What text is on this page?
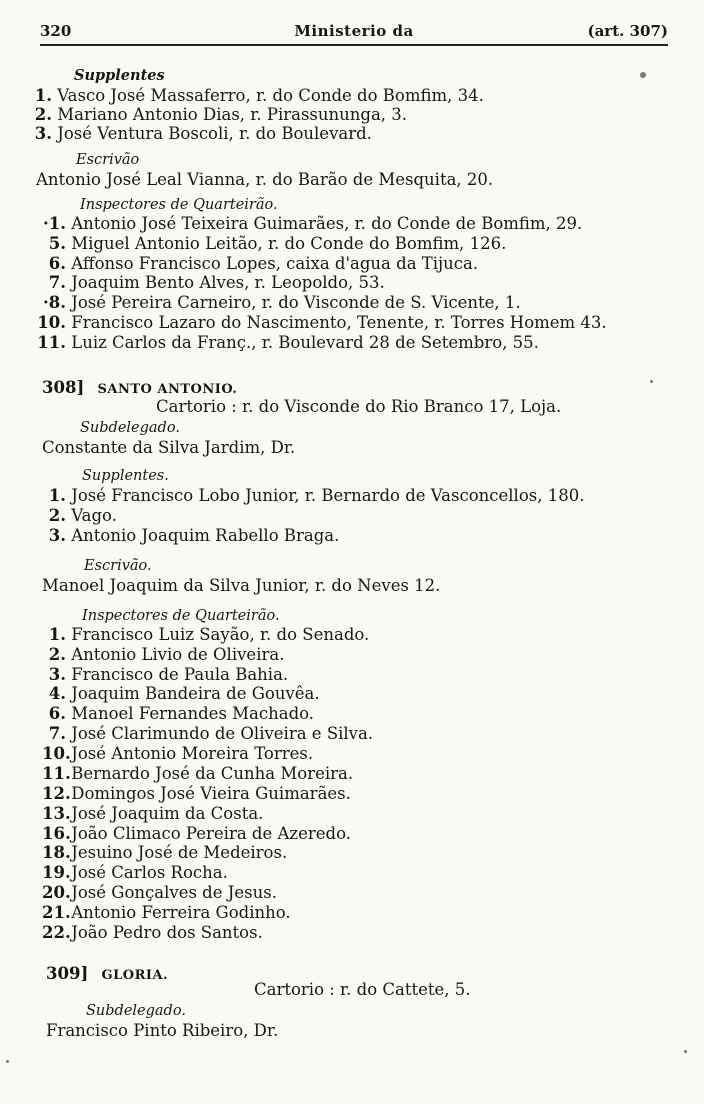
320	Ministerio da	(art. 307)
Supplentes
1. Vasco José Massaferro, r. do Conde do Bomfim, 34.
2. Mariano Antonio Dias, r. Pirassununga, 3.
3. José Ventura Boscoli, r. do Boulevard.
Escrivão
Antonio José Leal Vianna, r. do Barão de Mesquita, 20.
Inspectores de Quarteirão.
·1. Antonio José Teixeira Guimarães, r. do Conde de Bomfim, 29.
5. Miguel Antonio Leitão, r. do Conde do Bomfim, 126.
6. Affonso Francisco Lopes, caixa d'agua da Tijuca.
7. Joaquim Bento Alves, r. Leopoldo, 53.
·8. José Pereira Carneiro, r. do Visconde de S. Vicente, 1.
10. Francisco Lazaro do Nascimento, Tenente, r. Torres Homem 43.
11. Luiz Carlos da Franç., r. Boulevard 28 de Setembro, 55.
308] SANTO ANTONIO.
Cartorio : r. do Visconde do Rio Branco 17, Loja.
Subdelegado.
Constante da Silva Jardim, Dr.
Supplentes.
1. José Francisco Lobo Junior, r. Bernardo de Vasconcellos, 180.
2. Vago.
3. Antonio Joaquim Rabello Braga.
Escrivão.
Manoel Joaquim da Silva Junior, r. do Neves 12.
Inspectores de Quarteirão.
1. Francisco Luiz Sayão, r. do Senado.
2. Antonio Livio de Oliveira.
3. Francisco de Paula Bahia.
4. Joaquim Bandeira de Gouvêa.
6. Manoel Fernandes Machado.
7. José Clarimundo de Oliveira e Silva.
10. José Antonio Moreira Torres.
11. Bernardo José da Cunha Moreira.
12. Domingos José Vieira Guimarães.
13. José Joaquim da Costa.
16. João Climaco Pereira de Azeredo.
18. Jesuino José de Medeiros.
19. José Carlos Rocha.
20. José Gonçalves de Jesus.
21. Antonio Ferreira Godinho.
22. João Pedro dos Santos.
309] GLORIA.
Cartorio : r. do Cattete, 5.
Subdelegado.
Francisco Pinto Ribeiro, Dr.
